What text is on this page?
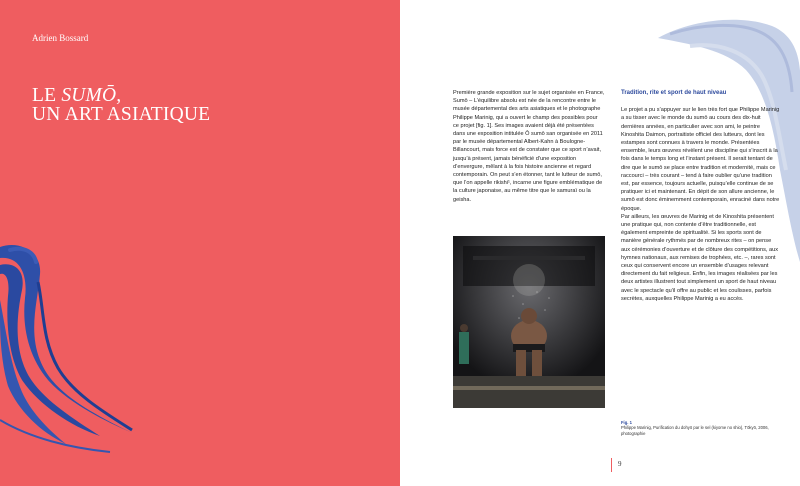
Adrien Bossard
LE SUMŌ,
UN ART ASIATIQUE

Première grande exposition sur le sujet organisée en France, Sumō – L’équilibre absolu est née de la rencontre entre le musée départemental des arts asiatiques et le photographe Philippe Marinig, qui a ouvert le champ des possibles pour ce projet [fig. 1]. Ses images avaient déjà été présentées dans une exposition intitulée Ô sumō san organisée en 2011 par le musée départemental Albert-Kahn à Boulogne-Billancourt, mais force est de constater que ce sport n’avait, jusqu’à présent, jamais bénéficié d’une exposition d’envergure, mêlant à la fois histoire ancienne et regard contemporain. On peut s’en étonner, tant le lutteur de sumō, que l’on appelle rikishi¹, incarne une figure emblématique de la culture japonaise, au même titre que le samuraï ou la geisha.

Tradition, rite et sport de haut niveau

Le projet a pu s’appuyer sur le lien très fort que Philippe Marinig a su tisser avec le monde du sumō au cours des dix-huit dernières années, en particulier avec son ami, le peintre Kinoshita Daimon, portraitiste officiel des lutteurs, dont les estampes sont connues à travers le monde. Présentées ensemble, leurs œuvres révèlent une discipline qui s’inscrit à la fois dans le temps long et l’instant présent. Il serait tentant de dire que le sumō se place entre tradition et modernité, mais ce raccourci – très courant – tend à faire oublier qu’une tradition est, par essence, toujours actuelle, puisqu’elle continue de se pratiquer ici et maintenant. En dépit de son allure ancienne, le sumō est donc éminemment contemporain, enraciné dans notre époque.

Par ailleurs, les œuvres de Marinig et de Kinoshita présentent une pratique qui, non contente d’être traditionnelle, est également empreinte de spiritualité. Si les sports sont de manière générale rythmés par de nombreux rites – on pense aux cérémonies d’ouverture et de clôture des compétitions, aux hymnes nationaux, aux remises de trophées, etc. –, rares sont ceux qui conservent encore un ensemble d’usages relevant directement du fait religieux. Enfin, les images réalisées par les deux artistes illustrent tout simplement un sport de haut niveau avec le spectacle qu’il offre au public et les coulisses, parfois secrètes, auxquelles Philippe Marinig a eu accès.

Fig. 1
Philippe Marinig, Purification du dohyō par le sel (kiyome no shio), Tōkyō, 2006, photographie
9
